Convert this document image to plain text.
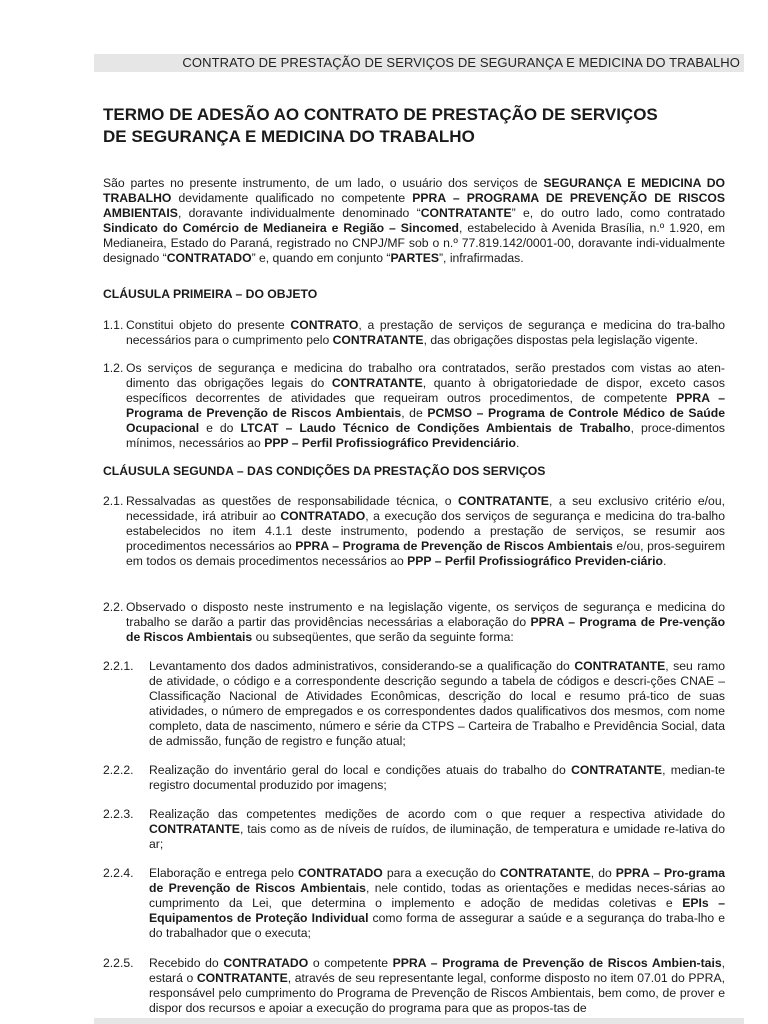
CONTRATO DE PRESTAÇÃO DE SERVIÇOS DE SEGURANÇA E MEDICINA DO TRABALHO
TERMO DE ADESÃO AO CONTRATO DE PRESTAÇÃO DE SERVIÇOS
DE SEGURANÇA E MEDICINA DO TRABALHO

São partes no presente instrumento, de um lado, o usuário dos serviços de SEGURANÇA E MEDICINA DO TRABALHO devidamente qualificado no competente PPRA – PROGRAMA DE PREVENÇÃO DE RISCOS AMBIENTAIS, doravante individualmente denominado “CONTRATANTE” e, do outro lado, como contratado Sindicato do Comércio de Medianeira e Região – Sincomed, estabelecido à Avenida Brasília, n.º 1.920, em Medianeira, Estado do Paraná, registrado no CNPJ/MF sob o n.º 77.819.142/0001-00, doravante indi-vidualmente designado “CONTRATADO” e, quando em conjunto “PARTES”, infrafirmadas.

CLÁUSULA PRIMEIRA – DO OBJETO

1.1. Constitui objeto do presente CONTRATO, a prestação de serviços de segurança e medicina do tra-balho necessários para o cumprimento pelo CONTRATANTE, das obrigações dispostas pela legislação vigente.
1.2. Os serviços de segurança e medicina do trabalho ora contratados, serão prestados com vistas ao aten-dimento das obrigações legais do CONTRATANTE, quanto à obrigatoriedade de dispor, exceto casos específicos decorrentes de atividades que requeiram outros procedimentos, de competente PPRA – Programa de Prevenção de Riscos Ambientais, de PCMSO – Programa de Controle Médico de Saúde Ocupacional e do LTCAT – Laudo Técnico de Condições Ambientais de Trabalho, proce-dimentos mínimos, necessários ao PPP – Perfil Profissiográfico Previdenciário.

CLÁUSULA SEGUNDA – DAS CONDIÇÕES DA PRESTAÇÃO DOS SERVIÇOS

2.1. Ressalvadas as questões de responsabilidade técnica, o CONTRATANTE, a seu exclusivo critério e/ou, necessidade, irá atribuir ao CONTRATADO, a execução dos serviços de segurança e medicina do tra-balho estabelecidos no item 4.1.1 deste instrumento, podendo a prestação de serviços, se resumir aos procedimentos necessários ao PPRA – Programa de Prevenção de Riscos Ambientais e/ou, pros-seguirem em todos os demais procedimentos necessários ao PPP – Perfil Profissiográfico Previden-ciário.
2.2. Observado o disposto neste instrumento e na legislação vigente, os serviços de segurança e medicina do trabalho se darão a partir das providências necessárias a elaboração do PPRA – Programa de Pre-venção de Riscos Ambientais ou subseqüentes, que serão da seguinte forma:
2.2.1. Levantamento dos dados administrativos, considerando-se a qualificação do CONTRATANTE, seu ramo de atividade, o código e a correspondente descrição segundo a tabela de códigos e descri-ções CNAE – Classificação Nacional de Atividades Econômicas, descrição do local e resumo prá-tico de suas atividades, o número de empregados e os correspondentes dados qualificativos dos mesmos, com nome completo, data de nascimento, número e série da CTPS – Carteira de Trabalho e Previdência Social, data de admissão, função de registro e função atual;
2.2.2. Realização do inventário geral do local e condições atuais do trabalho do CONTRATANTE, median-te registro documental produzido por imagens;
2.2.3. Realização das competentes medições de acordo com o que requer a respectiva atividade do CONTRATANTE, tais como as de níveis de ruídos, de iluminação, de temperatura e umidade re-lativa do ar;
2.2.4. Elaboração e entrega pelo CONTRATADO para a execução do CONTRATANTE, do PPRA – Pro-grama de Prevenção de Riscos Ambientais, nele contido, todas as orientações e medidas neces-sárias ao cumprimento da Lei, que determina o implemento e adoção de medidas coletivas e EPIs – Equipamentos de Proteção Individual como forma de assegurar a saúde e a segurança do traba-lho e do trabalhador que o executa;
2.2.5. Recebido do CONTRATADO o competente PPRA – Programa de Prevenção de Riscos Ambien-tais, estará o CONTRATANTE, através de seu representante legal, conforme disposto no item 07.01 do PPRA, responsável pelo cumprimento do Programa de Prevenção de Riscos Ambientais, bem como, de prover e dispor dos recursos e apoiar a execução do programa para que as propos-tas de
